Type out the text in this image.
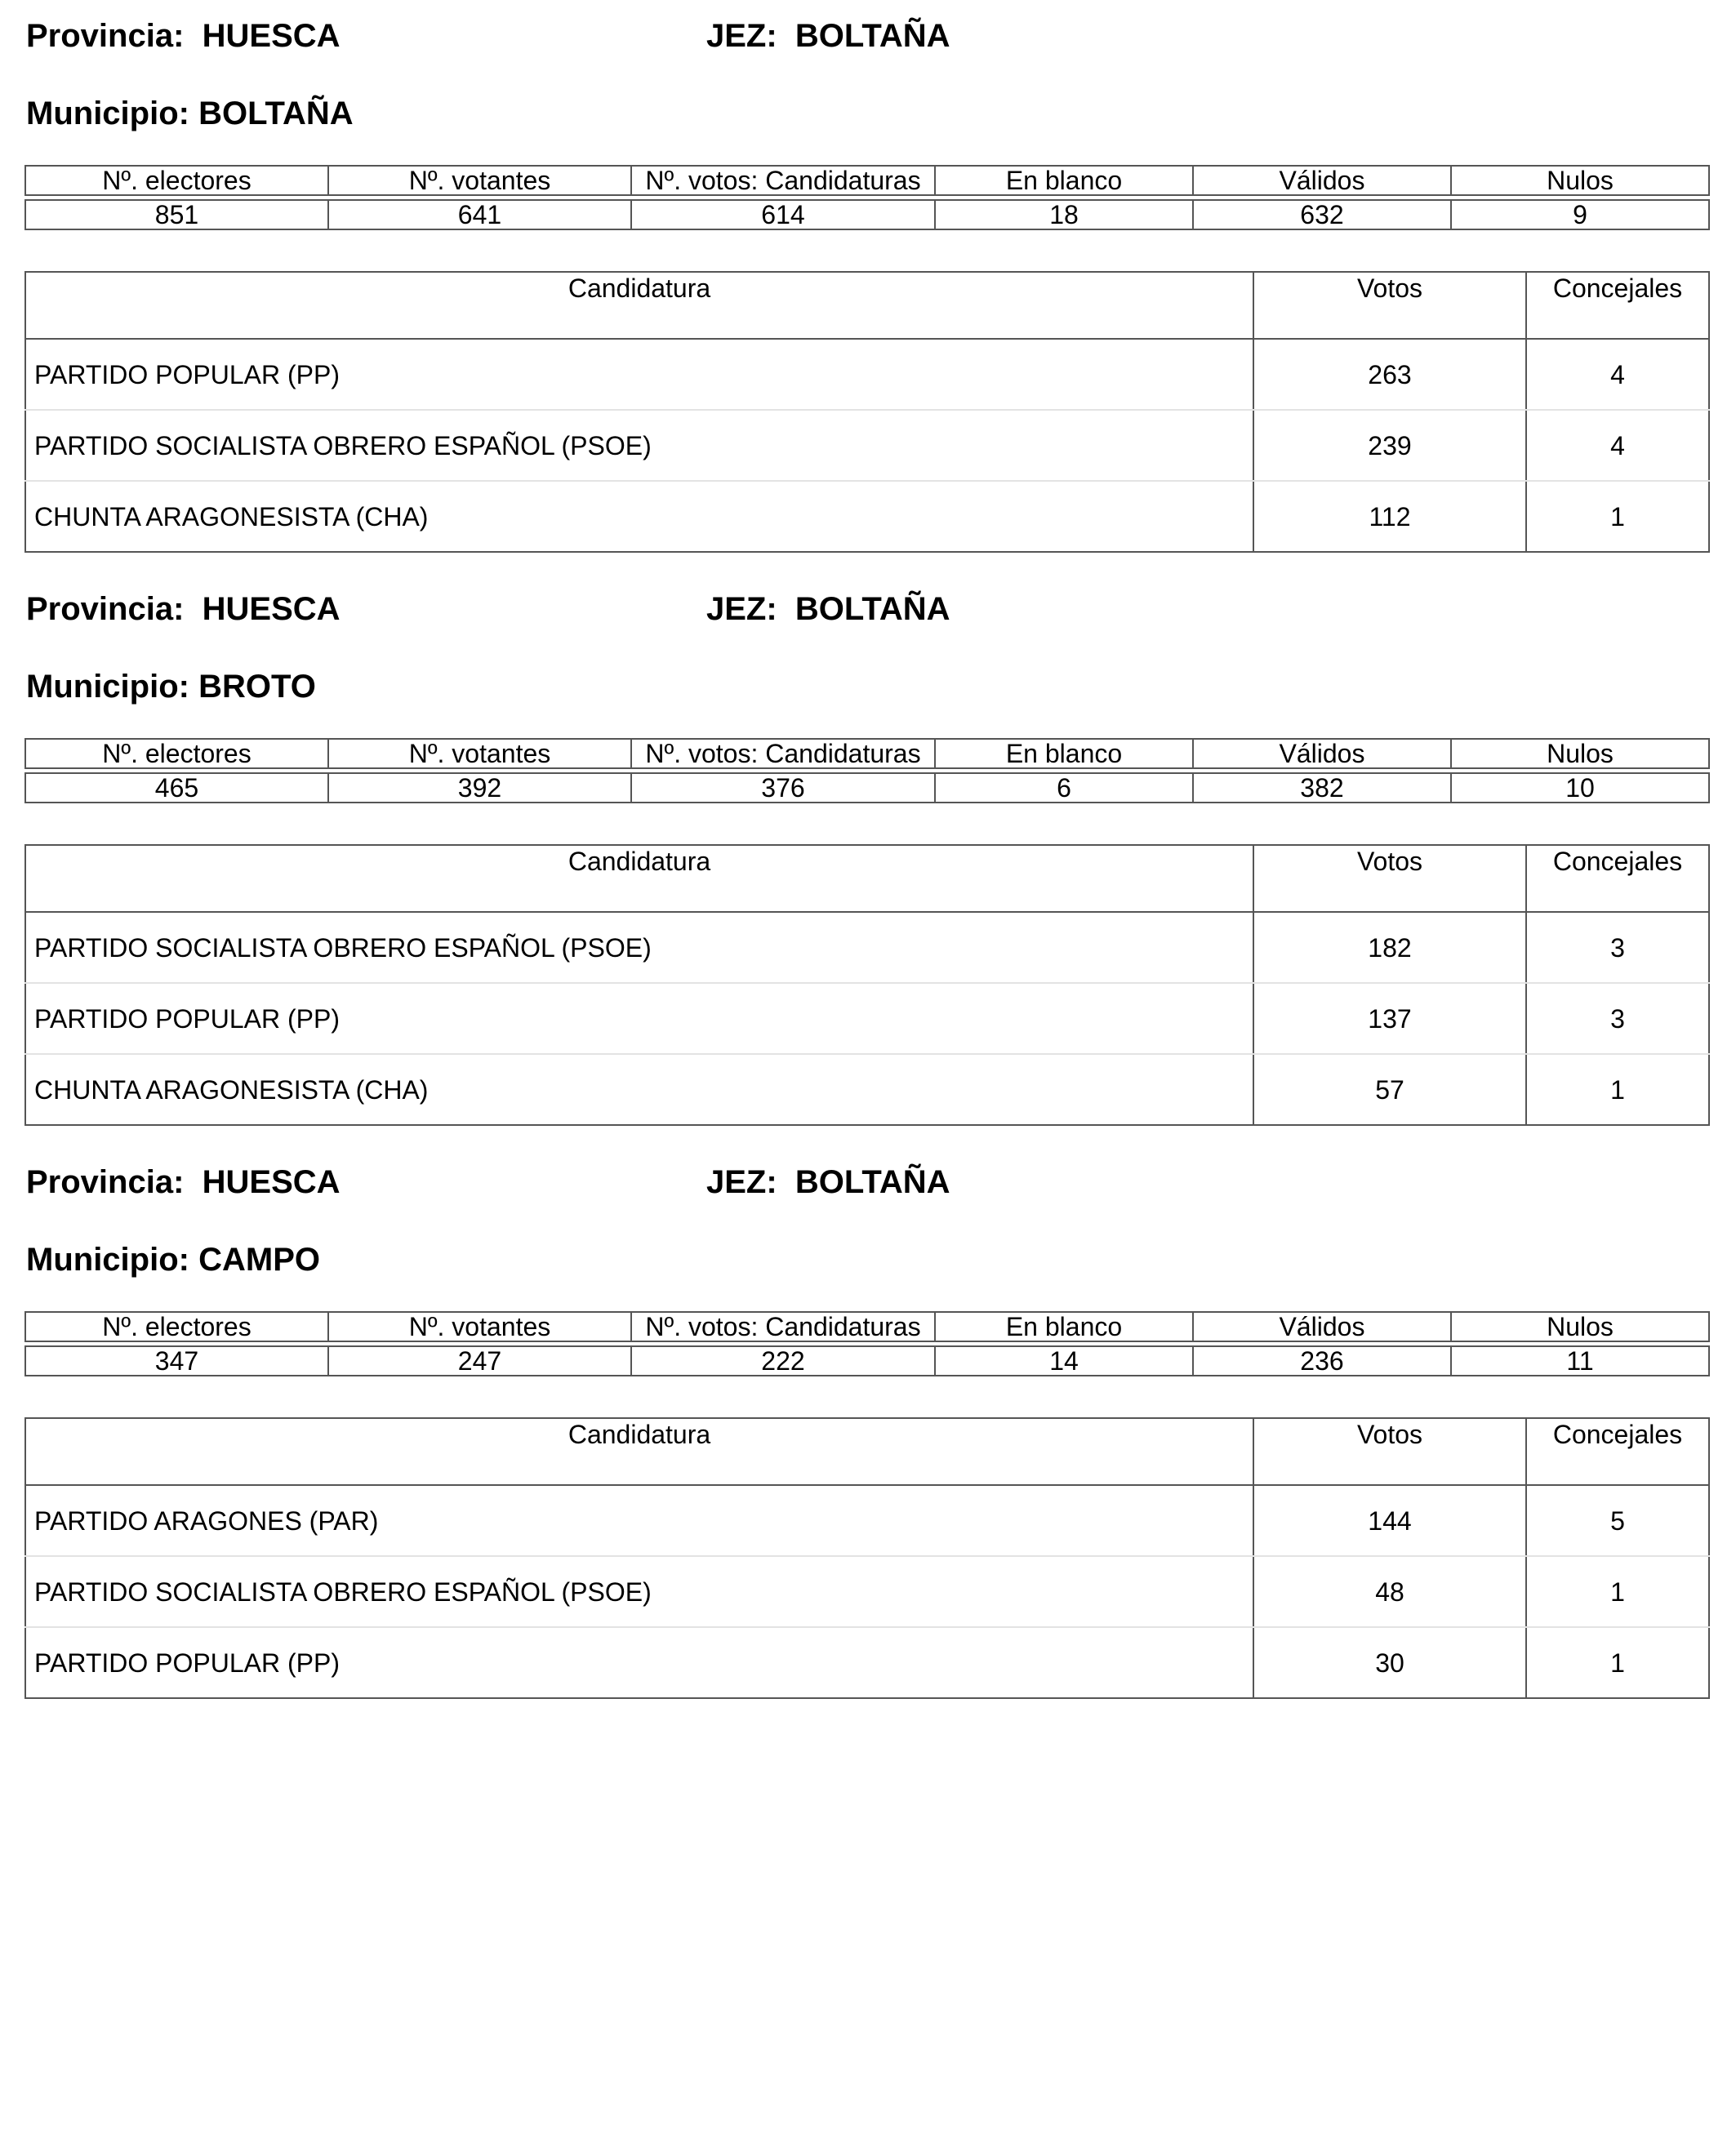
Provincia: HUESCA	JEZ: BOLTAÑA
Municipio: BOLTAÑA
Nº. electores	Nº. votantes	Nº. votos: Candidaturas	En blanco	Válidos	Nulos
851	641	614	18	632	9
Candidatura	Votos	Concejales
PARTIDO POPULAR (PP)	263	4
PARTIDO SOCIALISTA OBRERO ESPAÑOL (PSOE)	239	4
CHUNTA ARAGONESISTA (CHA)	112	1
Provincia: HUESCA	JEZ: BOLTAÑA
Municipio: BROTO
Nº. electores	Nº. votantes	Nº. votos: Candidaturas	En blanco	Válidos	Nulos
465	392	376	6	382	10
Candidatura	Votos	Concejales
PARTIDO SOCIALISTA OBRERO ESPAÑOL (PSOE)	182	3
PARTIDO POPULAR (PP)	137	3
CHUNTA ARAGONESISTA (CHA)	57	1
Provincia: HUESCA	JEZ: BOLTAÑA
Municipio: CAMPO
Nº. electores	Nº. votantes	Nº. votos: Candidaturas	En blanco	Válidos	Nulos
347	247	222	14	236	11
Candidatura	Votos	Concejales
PARTIDO ARAGONES (PAR)	144	5
PARTIDO SOCIALISTA OBRERO ESPAÑOL (PSOE)	48	1
PARTIDO POPULAR (PP)	30	1
